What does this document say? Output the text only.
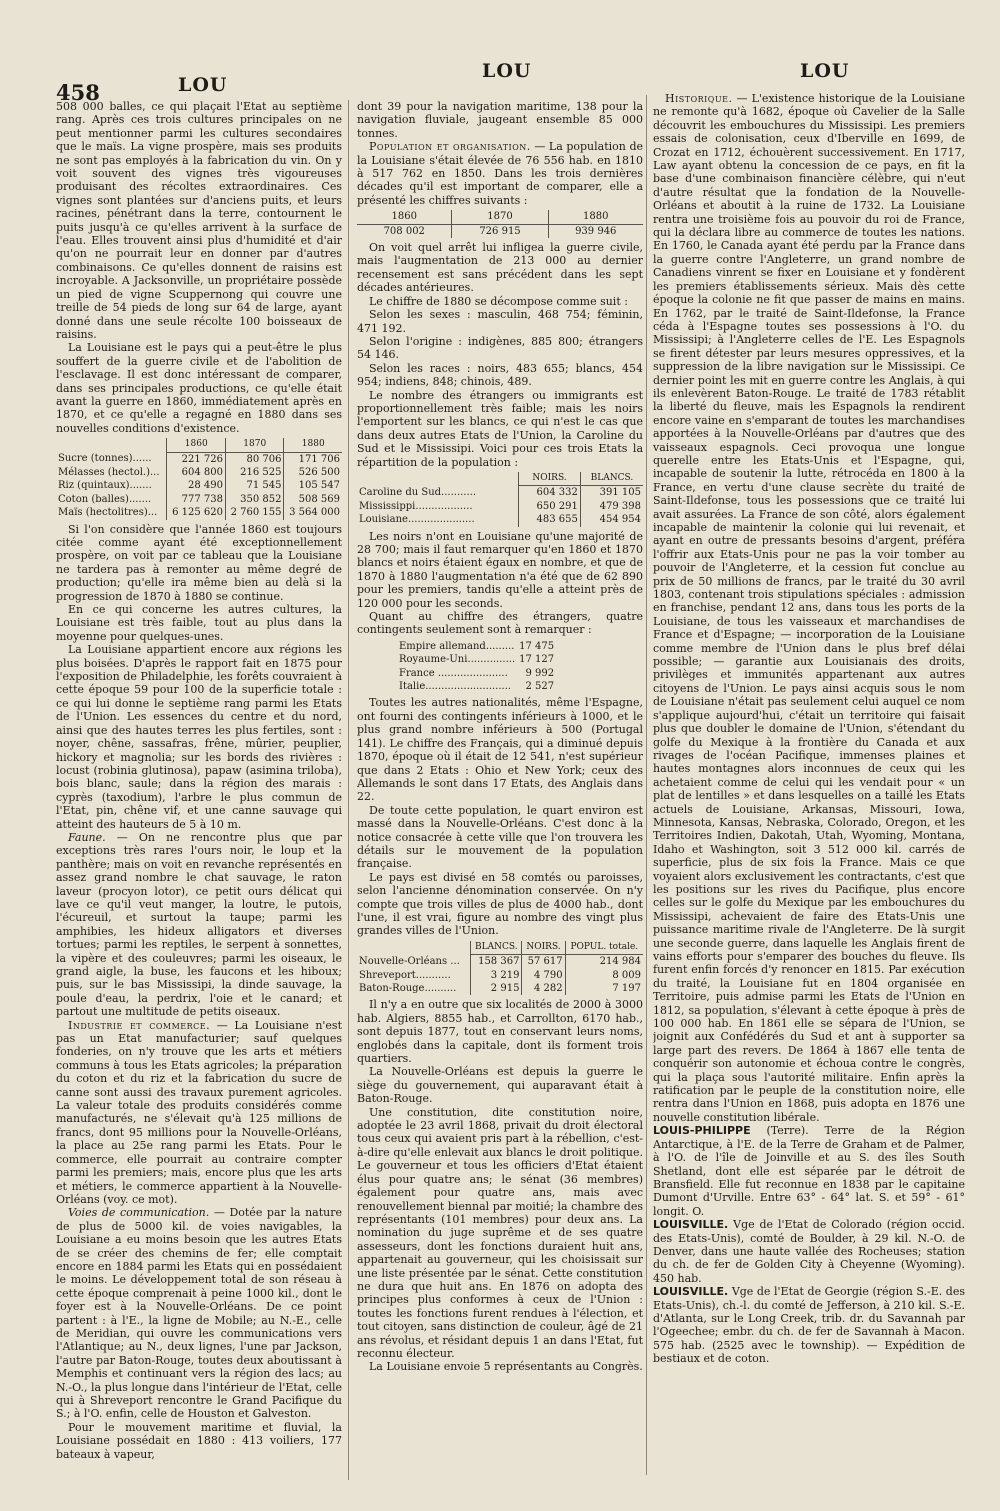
458	LOU
LOU	LOU

508 000 balles, ce qui plaçait l'Etat au septième rang. Après ces trois cultures principales on ne peut mentionner parmi les cultures secondaires que le maïs. La vigne prospère, mais ses produits ne sont pas employés à la fabrication du vin. On y voit souvent des vignes très vigoureuses produisant des récoltes extraordinaires. Ces vignes sont plantées sur d'anciens puits, et leurs racines, pénétrant dans la terre, contournent le puits jusqu'à ce qu'elles arrivent à la surface de l'eau. Elles trouvent ainsi plus d'humidité et d'air qu'on ne pourrait leur en donner par d'autres combinaisons. Ce qu'elles donnent de raisins est incroyable. A Jacksonville, un propriétaire possède un pied de vigne Scuppernong qui couvre une treille de 54 pieds de long sur 64 de large, ayant donné dans une seule récolte 100 boisseaux de raisins.

La Louisiane est le pays qui a peut-être le plus souffert de la guerre civile et de l'abolition de l'esclavage. Il est donc intéressant de comparer, dans ses principales productions, ce qu'elle était avant la guerre en 1860, immédiatement après en 1870, et ce qu'elle a regagné en 1880 dans ses nouvelles conditions d'existence.

	1860	1870	1880
Sucre (tonnes)......	221 726	80 706	171 706
Mélasses (hectol.)...	604 800	216 525	526 500
Riz (quintaux).......	28 490	71 545	105 547
Coton (balles).......	777 738	350 852	508 569
Maïs (hectolitres)...	6 125 620	2 760 155	3 564 000

Si l'on considère que l'année 1860 est toujours citée comme ayant été exceptionnellement prospère, on voit par ce tableau que la Louisiane ne tardera pas à remonter au même degré de production; qu'elle ira même bien au delà si la progression de 1870 à 1880 se continue.

En ce qui concerne les autres cultures, la Louisiane est très faible, tout au plus dans la moyenne pour quelques-unes.

La Louisiane appartient encore aux régions les plus boisées. D'après le rapport fait en 1875 pour l'exposition de Philadelphie, les forêts couvraient à cette époque 59 pour 100 de la superficie totale : ce qui lui donne le septième rang parmi les Etats de l'Union. Les essences du centre et du nord, ainsi que des hautes terres les plus fertiles, sont : noyer, chêne, sassafras, frêne, mûrier, peuplier, hickory et magnolia; sur les bords des rivières : locust (robinia glutinosa), papaw (asimina triloba), bois blanc, saule; dans la région des marais : cyprès (taxodium), l'arbre le plus commun de l'Etat, pin, chêne vif, et une canne sauvage qui atteint des hauteurs de 5 à 10 m.

Faune. — On ne rencontre plus que par exceptions très rares l'ours noir, le loup et la panthère; mais on voit en revanche représentés en assez grand nombre le chat sauvage, le raton laveur (procyon lotor), ce petit ours délicat qui lave ce qu'il veut manger, la loutre, le putois, l'écureuil, et surtout la taupe; parmi les amphibies, les hideux alligators et diverses tortues; parmi les reptiles, le serpent à sonnettes, la vipère et des couleuvres; parmi les oiseaux, le grand aigle, la buse, les faucons et les hiboux; puis, sur le bas Mississipi, la dinde sauvage, la poule d'eau, la perdrix, l'oie et le canard; et partout une multitude de petits oiseaux.

Industrie et commerce. — La Louisiane n'est pas un Etat manufacturier; sauf quelques fonderies, on n'y trouve que les arts et métiers communs à tous les Etats agricoles; la préparation du coton et du riz et la fabrication du sucre de canne sont aussi des travaux purement agricoles. La valeur totale des produits considérés comme manufacturés, ne s'élevait qu'à 125 millions de francs, dont 95 millions pour la Nouvelle-Orléans, la place au 25e rang parmi les Etats. Pour le commerce, elle pourrait au contraire compter parmi les premiers; mais, encore plus que les arts et métiers, le commerce appartient à la Nouvelle-Orléans (voy. ce mot).

Voies de communication. — Dotée par la nature de plus de 5000 kil. de voies navigables, la Louisiane a eu moins besoin que les autres Etats de se créer des chemins de fer; elle comptait encore en 1884 parmi les Etats qui en possédaient le moins. Le développement total de son réseau à cette époque comprenait à peine 1000 kil., dont le foyer est à la Nouvelle-Orléans. De ce point partent : à l'E., la ligne de Mobile; au N.-E., celle de Meridian, qui ouvre les communications vers l'Atlantique; au N., deux lignes, l'une par Jackson, l'autre par Baton-Rouge, toutes deux aboutissant à Memphis et continuant vers la région des lacs; au N.-O., la plus longue dans l'intérieur de l'Etat, celle qui à Shreveport rencontre le Grand Pacifique du S.; à l'O. enfin, celle de Houston et Galveston.

Pour le mouvement maritime et fluvial, la Louisiane possédait en 1880 : 413 voiliers, 177 bateaux à vapeur,

dont 39 pour la navigation maritime, 138 pour la navigation fluviale, jaugeant ensemble 85 000 tonnes.

Population et organisation. — La population de la Louisiane s'était élevée de 76 556 hab. en 1810 à 517 762 en 1850. Dans les trois dernières décades qu'il est important de comparer, elle a présenté les chiffres suivants :

1860	1870	1880
708 002	726 915	939 946

On voit quel arrêt lui infligea la guerre civile, mais l'augmentation de 213 000 au dernier recensement est sans précédent dans les sept décades antérieures.

Le chiffre de 1880 se décompose comme suit :

Selon les sexes : masculin, 468 754; féminin, 471 192.

Selon l'origine : indigènes, 885 800; étrangers 54 146.

Selon les races : noirs, 483 655; blancs, 454 954; indiens, 848; chinois, 489.

Le nombre des étrangers ou immigrants est proportionnellement très faible; mais les noirs l'emportent sur les blancs, ce qui n'est le cas que dans deux autres Etats de l'Union, la Caroline du Sud et le Mississipi. Voici pour ces trois Etats la répartition de la population :

	NOIRS.	BLANCS.
Caroline du Sud...........	604 332	391 105
Mississippi..................	650 291	479 398
Louisiane.....................	483 655	454 954

Les noirs n'ont en Louisiane qu'une majorité de 28 700; mais il faut remarquer qu'en 1860 et 1870 blancs et noirs étaient égaux en nombre, et que de 1870 à 1880 l'augmentation n'a été que de 62 890 pour les premiers, tandis qu'elle a atteint près de 120 000 pour les seconds.

Quant au chiffre des étrangers, quatre contingents seulement sont à remarquer :

Empire allemand.........	17 475
Royaume-Uni...............	17 127
France ......................	9 992
Italie...........................	2 527

Toutes les autres nationalités, même l'Espagne, ont fourni des contingents inférieurs à 1000, et le plus grand nombre inférieurs à 500 (Portugal 141). Le chiffre des Français, qui a diminué depuis 1870, époque où il était de 12 541, n'est supérieur que dans 2 Etats : Ohio et New York; ceux des Allemands le sont dans 17 Etats, des Anglais dans 22.

De toute cette population, le quart environ est massé dans la Nouvelle-Orléans. C'est donc à la notice consacrée à cette ville que l'on trouvera les détails sur le mouvement de la population française.

Le pays est divisé en 58 comtés ou paroisses, selon l'ancienne dénomination conservée. On n'y compte que trois villes de plus de 4000 hab., dont l'une, il est vrai, figure au nombre des vingt plus grandes villes de l'Union.

	BLANCS.	NOIRS.	POPUL. totale.
Nouvelle-Orléans ...	158 367	57 617	214 984
Shreveport...........	3 219	4 790	8 009
Baton-Rouge..........	2 915	4 282	7 197

Il n'y a en outre que six localités de 2000 à 3000 hab. Algiers, 8855 hab., et Carrollton, 6170 hab., sont depuis 1877, tout en conservant leurs noms, englobés dans la capitale, dont ils forment trois quartiers.

La Nouvelle-Orléans est depuis la guerre le siège du gouvernement, qui auparavant était à Baton-Rouge.

Une constitution, dite constitution noire, adoptée le 23 avril 1868, privait du droit électoral tous ceux qui avaient pris part à la rébellion, c'est-à-dire qu'elle enlevait aux blancs le droit politique. Le gouverneur et tous les officiers d'Etat étaient élus pour quatre ans; le sénat (36 membres) également pour quatre ans, mais avec renouvellement biennal par moitié; la chambre des représentants (101 membres) pour deux ans. La nomination du juge suprême et de ses quatre assesseurs, dont les fonctions duraient huit ans, appartenait au gouverneur, qui les choisissait sur une liste présentée par le sénat. Cette constitution ne dura que huit ans. En 1876 on adopta des principes plus conformes à ceux de l'Union : toutes les fonctions furent rendues à l'élection, et tout citoyen, sans distinction de couleur, âgé de 21 ans révolus, et résidant depuis 1 an dans l'Etat, fut reconnu électeur.

La Louisiane envoie 5 représentants au Congrès.

Historique. — L'existence historique de la Louisiane ne remonte qu'à 1682, époque où Cavelier de la Salle découvrit les embouchures du Mississipi. Les premiers essais de colonisation, ceux d'Iberville en 1699, de Crozat en 1712, échouèrent successivement. En 1717, Law ayant obtenu la concession de ce pays, en fit la base d'une combinaison financière célèbre, qui n'eut d'autre résultat que la fondation de la Nouvelle-Orléans et aboutit à la ruine de 1732. La Louisiane rentra une troisième fois au pouvoir du roi de France, qui la déclara libre au commerce de toutes les nations. En 1760, le Canada ayant été perdu par la France dans la guerre contre l'Angleterre, un grand nombre de Canadiens vinrent se fixer en Louisiane et y fondèrent les premiers établissements sérieux. Mais dès cette époque la colonie ne fit que passer de mains en mains. En 1762, par le traité de Saint-Ildefonse, la France céda à l'Espagne toutes ses possessions à l'O. du Mississipi; à l'Angleterre celles de l'E. Les Espagnols se firent détester par leurs mesures oppressives, et la suppression de la libre navigation sur le Mississipi. Ce dernier point les mit en guerre contre les Anglais, à qui ils enlevèrent Baton-Rouge. Le traité de 1783 rétablit la liberté du fleuve, mais les Espagnols la rendirent encore vaine en s'emparant de toutes les marchandises apportées à la Nouvelle-Orléans par d'autres que des vaisseaux espagnols. Ceci provoqua une longue querelle entre les Etats-Unis et l'Espagne, qui, incapable de soutenir la lutte, rétrocéda en 1800 à la France, en vertu d'une clause secrète du traité de Saint-Ildefonse, tous les possessions que ce traité lui avait assurées. La France de son côté, alors également incapable de maintenir la colonie qui lui revenait, et ayant en outre de pressants besoins d'argent, préféra l'offrir aux Etats-Unis pour ne pas la voir tomber au pouvoir de l'Angleterre, et la cession fut conclue au prix de 50 millions de francs, par le traité du 30 avril 1803, contenant trois stipulations spéciales : admission en franchise, pendant 12 ans, dans tous les ports de la Louisiane, de tous les vaisseaux et marchandises de France et d'Espagne; — incorporation de la Louisiane comme membre de l'Union dans le plus bref délai possible; — garantie aux Louisianais des droits, privilèges et immunités appartenant aux autres citoyens de l'Union. Le pays ainsi acquis sous le nom de Louisiane n'était pas seulement celui auquel ce nom s'applique aujourd'hui, c'était un territoire qui faisait plus que doubler le domaine de l'Union, s'étendant du golfe du Mexique à la frontière du Canada et aux rivages de l'océan Pacifique, immenses plaines et hautes montagnes alors inconnues de ceux qui les achetaient comme de celui qui les vendait pour « un plat de lentilles » et dans lesquelles on a taillé les Etats actuels de Louisiane, Arkansas, Missouri, Iowa, Minnesota, Kansas, Nebraska, Colorado, Oregon, et les Territoires Indien, Dakotah, Utah, Wyoming, Montana, Idaho et Washington, soit 3 512 000 kil. carrés de superficie, plus de six fois la France. Mais ce que voyaient alors exclusivement les contractants, c'est que les positions sur les rives du Pacifique, plus encore celles sur le golfe du Mexique par les embouchures du Mississipi, achevaient de faire des Etats-Unis une puissance maritime rivale de l'Angleterre. De là surgit une seconde guerre, dans laquelle les Anglais firent de vains efforts pour s'emparer des bouches du fleuve. Ils furent enfin forcés d'y renoncer en 1815. Par exécution du traité, la Louisiane fut en 1804 organisée en Territoire, puis admise parmi les Etats de l'Union en 1812, sa population, s'élevant à cette époque à près de 100 000 hab. En 1861 elle se sépara de l'Union, se joignit aux Confédérés du Sud et ant à supporter sa large part des revers. De 1864 à 1867 elle tenta de conquérir son autonomie et échoua contre le congrès, qui la plaça sous l'autorité militaire. Enfin après la ratification par le peuple de la constitution noire, elle rentra dans l'Union en 1868, puis adopta en 1876 une nouvelle constitution libérale.

LOUIS-PHILIPPE (Terre). Terre de la Région Antarctique, à l'E. de la Terre de Graham et de Palmer, à l'O. de l'île de Joinville et au S. des îles South Shetland, dont elle est séparée par le détroit de Bransfield. Elle fut reconnue en 1838 par le capitaine Dumont d'Urville. Entre 63° - 64° lat. S. et 59° - 61° longit. O.

LOUISVILLE. Vge de l'Etat de Colorado (région occid. des Etats-Unis), comté de Boulder, à 29 kil. N.-O. de Denver, dans une haute vallée des Rocheuses; station du ch. de fer de Golden City à Cheyenne (Wyoming). 450 hab.

LOUISVILLE. Vge de l'Etat de Georgie (région S.-E. des Etats-Unis), ch.-l. du comté de Jefferson, à 210 kil. S.-E. d'Atlanta, sur le Long Creek, trib. dr. du Savannah par l'Ogeechee; embr. du ch. de fer de Savannah à Macon. 575 hab. (2525 avec le township). — Expédition de bestiaux et de coton.
